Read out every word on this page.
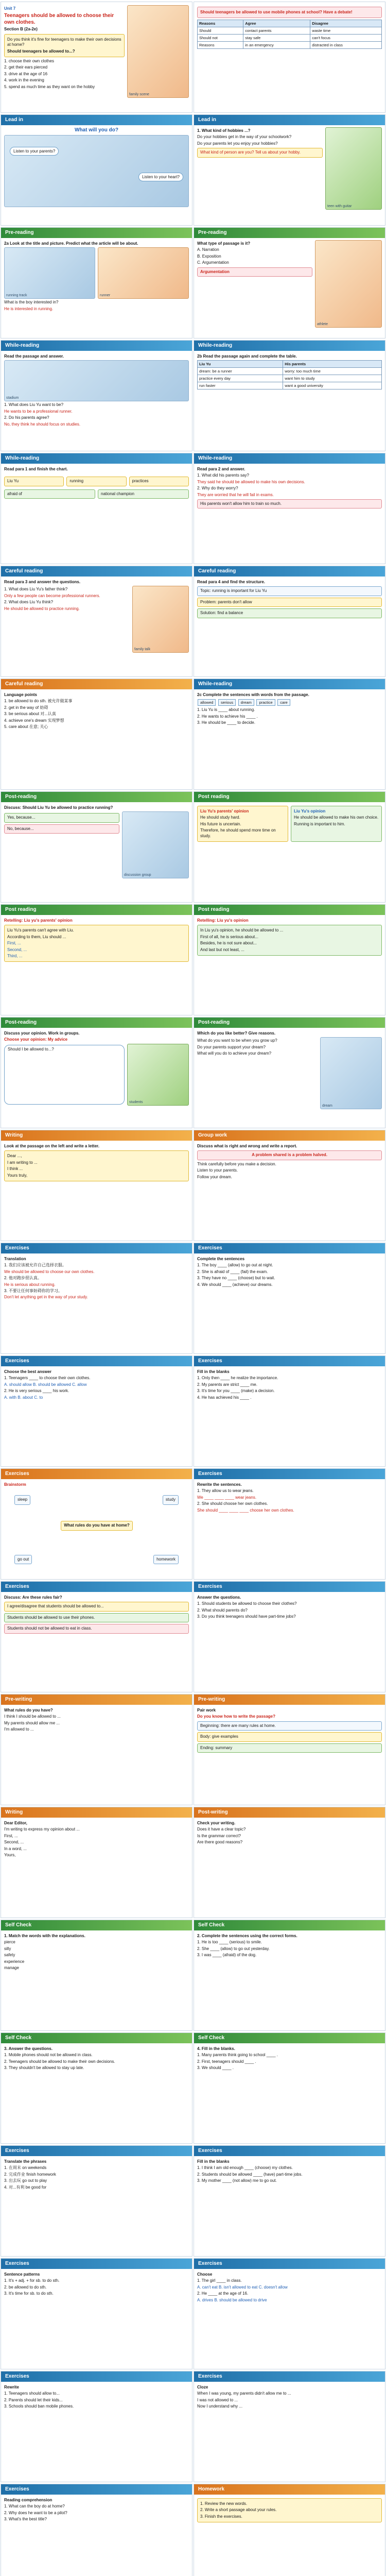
Unit 7
Teenagers should be allowed to choose their own clothes.
Section B (2a-2e)
Do you think it's fine for teenagers to make their own decisions at home?
Should teenagers be allowed to...?
1. choose their own clothes
2. get their ears pierced
3. drive at the age of 16
4. work in the evening
5. spend as much time as they want on the hobby
family scene
Should teenagers be allowed to use mobile phones at school? Have a debate!
Reasons	Agree	Disagree
Should	contact parents	waste time
Should not	stay safe	can't focus
Reasons	in an emergency	distracted in class
Lead in
What will you do?
Listen to your parents?
Listen to your heart?
Lead in
1. What kind of hobbies ...?
Do your hobbies get in the way of your schoolwork?
Do your parents let you enjoy your hobbies?
What kind of person are you? Tell us about your hobby.
teen with guitar
Pre-reading
2a Look at the title and picture. Predict what the article will be about.
running track	runner
What is the boy interested in?
He is interested in running.
Pre-reading
What type of passage is it?
A. Narration
B. Exposition
C. Argumentation
Argumentation
athlete
While-reading
Read the passage and answer.
stadium
1. What does Liu Yu want to be?
He wants to be a professional runner.
2. Do his parents agree?
No, they think he should focus on studies.
While-reading
2b Read the passage again and complete the table.
Liu Yu	His parents
dream: be a runner	worry: too much time
practice every day	want him to study
run faster	want a good university
While-reading
Read para 1 and finish the chart.
Liu Yu	running	practices
afraid of	national champion
While-reading
Read para 2 and answer.
1. What did his parents say?
They said he should be allowed to make his own decisions.
2. Why do they worry?
They are worried that he will fail in exams.
His parents won't allow him to train so much.
Careful reading
Read para 3 and answer the questions.
1. What does Liu Yu's father think?
Only a few people can become professional runners.
2. What does Liu Yu think?
He should be allowed to practice running.
family talk
Careful reading
Read para 4 and find the structure.
Topic: running is important for Liu Yu
Problem: parents don't allow
Solution: find a balance
Careful reading
Language points
1. be allowed to do sth. 被允许做某事
2. get in the way of 妨碍
3. be serious about 对...认真
4. achieve one's dream 实现梦想
5. care about 在意; 关心
While-reading
2c Complete the sentences with words from the passage.
allowed serious dream practice care
1. Liu Yu is ____ about running.
2. He wants to achieve his ____ .
3. He should be ____ to decide.
Post-reading
Discuss: Should Liu Yu be allowed to practice running?
Yes, because...
No, because...
discussion group
Post reading
Liu Yu's parents' opinion
He should study hard.
His future is uncertain.
Therefore, he should spend more time on study.
Liu Yu's opinion
He should be allowed to make his own choice.
Running is important to him.
Post reading
Retelling: Liu yu's parents' opinion
Liu Yu's parents can't agree with Liu.
According to them, Liu should ...
First, ...
Second, ...
Third, ...
Post reading
Retelling: Liu yu's opinion
In Liu yu's opinion, he should be allowed to ...
First of all, he is serious about...
Besides, he is not sure about...
And last but not least, ...
Post-reading
Discuss your opinion. Work in groups.
Choose your opinion: My advice
Should I be allowed to...?
students
Post-reading
Which do you like better? Give reasons.
What do you want to be when you grow up?
Do your parents support your dream?
What will you do to achieve your dream?
dream
Writing
Look at the passage on the left and write a letter.
Dear ...,
I am writing to ...
I think ...
Yours truly,
Group work
Discuss what is right and wrong and write a report.
A problem shared is a problem halved.
Think carefully before you make a decision.
Listen to your parents.
Follow your dream.
Exercises
Translation
1. 我们应该被允许自己选择衣服。
We should be allowed to choose our own clothes.
2. 他对跑步很认真。
He is serious about running.
3. 不要让任何事妨碍你的学习。
Don't let anything get in the way of your study.
Exercises
Complete the sentences
1. The boy ____ (allow) to go out at night.
2. She is afraid of ____ (fail) the exam.
3. They have no ____ (choose) but to wait.
4. We should ____ (achieve) our dreams.
Exercises
Choose the best answer
1. Teenagers ____ to choose their own clothes.
A. should allow B. should be allowed C. allow
2. He is very serious ____ his work.
A. with B. about C. to
Exercises
Fill in the blanks
1. Only then ____ he realize the importance.
2. My parents are strict ____ me.
3. It's time for you ____ (make) a decision.
4. He has achieved his ____ .
Exercises
Brainstorm
What rules do you have at home?
sleep	study
go out	homework
Exercises
Rewrite the sentences.
1. They allow us to wear jeans.
We ____ ____ ____ wear jeans.
2. She should choose her own clothes.
She should ____ ____ ____ choose her own clothes.
Exercises
Discuss: Are these rules fair?
I agree/disagree that students should be allowed to...
Students should be allowed to use their phones.
Students should not be allowed to eat in class.
Exercises
Answer the questions.
1. Should students be allowed to choose their clothes?
2. What should parents do?
3. Do you think teenagers should have part-time jobs?
Pre-writing
What rules do you have?
I think I should be allowed to ...
My parents should allow me ...
I'm allowed to ...
Pre-writing
Pair work
Do you know how to write the passage?
Beginning: there are many rules at home.
Body: give examples
Ending: summary
Writing
Dear Editor,
I'm writing to express my opinion about ...
First, ...
Second, ...
In a word, ...
Yours,
Post-writing
Check your writing.
Does it have a clear topic?
Is the grammar correct?
Are there good reasons?
Self Check
1. Match the words with the explanations.
pierce
silly
safety
experience
manage
Self Check
2. Complete the sentences using the correct forms.
1. He is too ____ (serious) to smile.
2. She ____ (allow) to go out yesterday.
3. I was ____ (afraid) of the dog.
Self Check
3. Answer the questions.
1. Mobile phones should not be allowed in class.
2. Teenagers should be allowed to make their own decisions.
3. They shouldn't be allowed to stay up late.
Self Check
4. Fill in the blanks.
1. Many parents think going to school ____ .
2. First, teenagers should ____ .
3. We should ____ .
Exercises
Translate the phrases
1. 在周末 on weekends
2. 完成作业 finish homework
3. 出去玩 go out to play
4. 对...有利 be good for
Exercises
Fill in the blanks
1. I think I am old enough ____ (choose) my clothes.
2. Students should be allowed ____ (have) part-time jobs.
3. My mother ____ (not allow) me to go out.
Exercises
Sentence patterns
1. It's + adj. + for sb. to do sth.
2. be allowed to do sth.
3. It's time for sb. to do sth.
Exercises
Choose
1. The girl ____ in class.
A. can't eat B. isn't allowed to eat C. doesn't allow
2. He ____ at the age of 16.
A. drives B. should be allowed to drive
Exercises
Rewrite
1. Teenagers should allow to...
2. Parents should let their kids...
3. Schools should ban mobile phones.
Exercises
Cloze
When I was young, my parents didn't allow me to ...
I was not allowed to ...
Now I understand why ...
Exercises
Reading comprehension
1. What can the boy do at home?
2. Why does he want to be a pilot?
3. What's the best title?
Homework
1. Review the new words.
2. Write a short passage about your rules.
3. Finish the exercises.
